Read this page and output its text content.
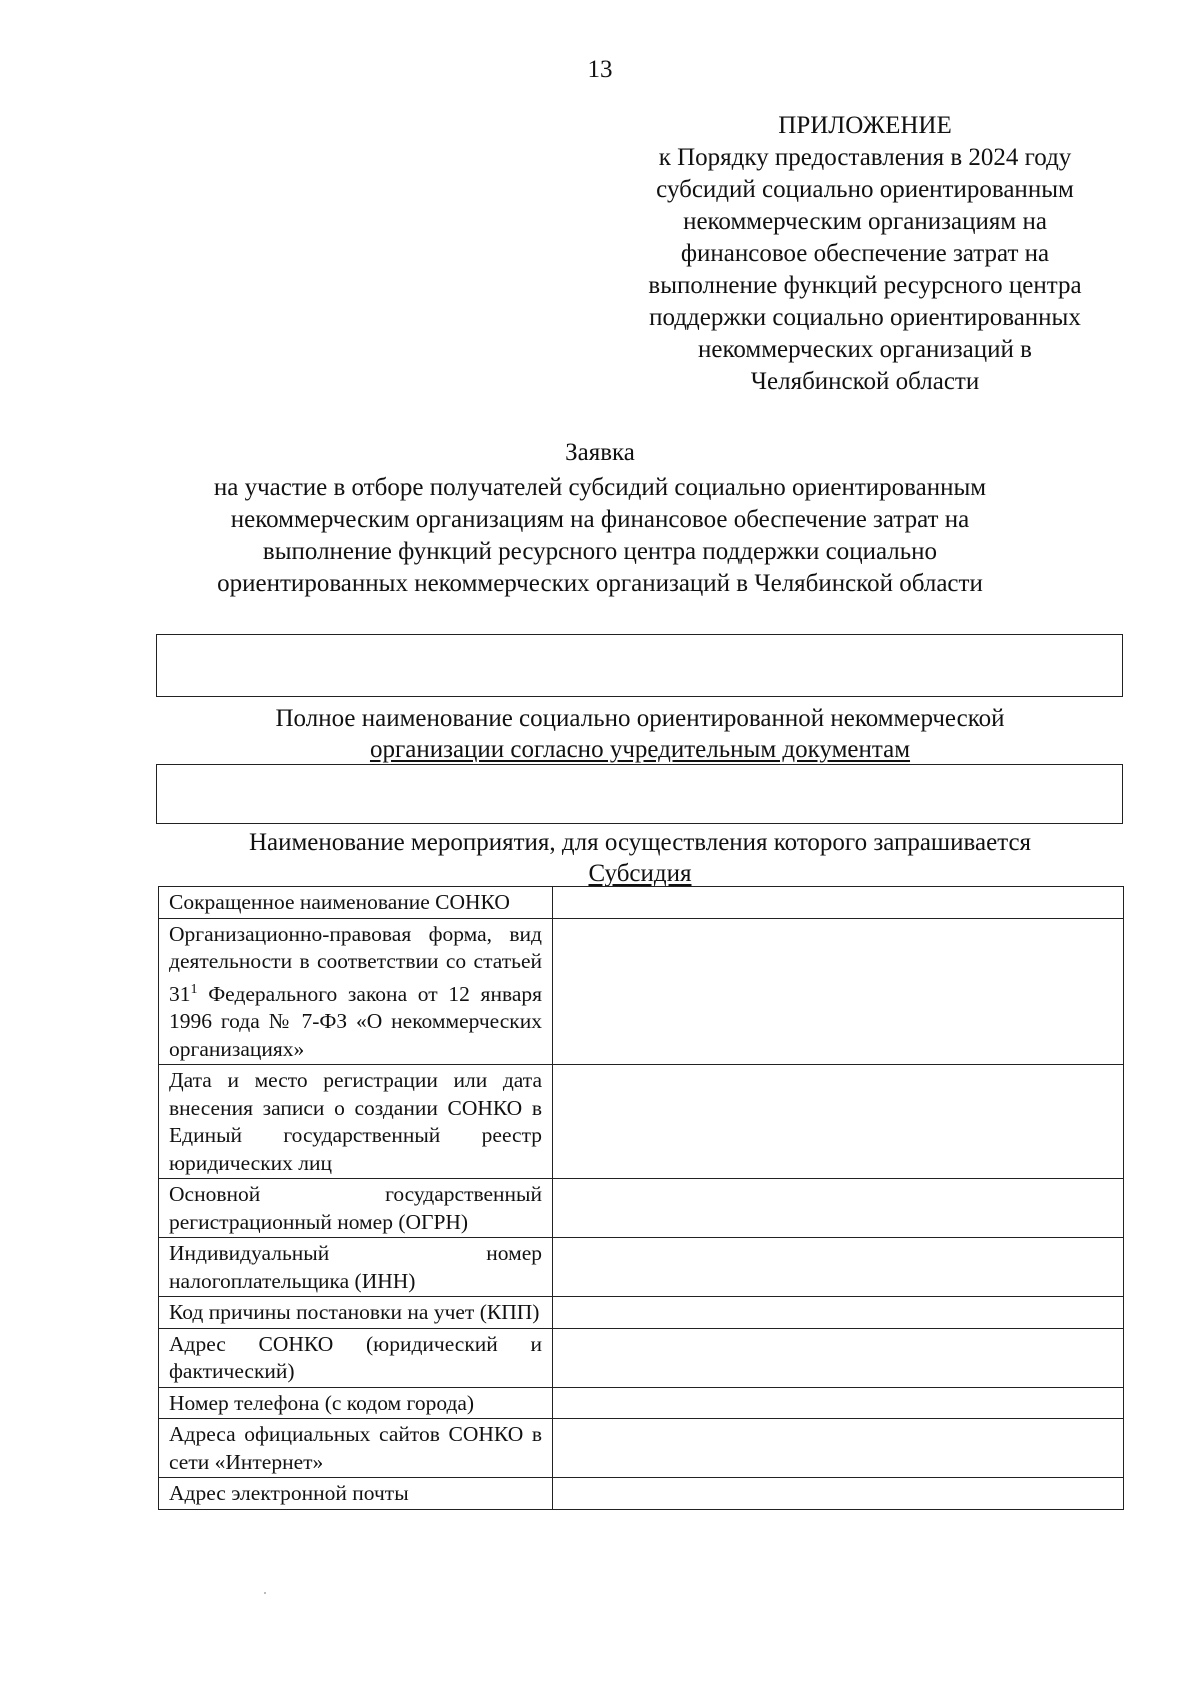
13
ПРИЛОЖЕНИЕ
к Порядку предоставления в 2024 году
субсидий социально ориентированным
некоммерческим организациям на
финансовое обеспечение затрат на
выполнение функций ресурсного центра
поддержки социально ориентированных
некоммерческих организаций в
Челябинской области
Заявка
на участие в отборе получателей субсидий социально ориентированным
некоммерческим организациям на финансовое обеспечение затрат на
выполнение функций ресурсного центра поддержки социально
ориентированных некоммерческих организаций в Челябинской области
Полное наименование социально ориентированной некоммерческой
организации согласно учредительным документам
Наименование мероприятия, для осуществления которого запрашивается
Субсидия
Сокращенное наименование СОНКО	
Организационно-правовая форма, вид деятельности в соответствии со статьей $31^1$ Федерального закона от 12 января 1996 года № 7-ФЗ «О некоммерческих организациях»	
Дата и место регистрации или дата внесения записи о создании СОНКО в Единый государственный реестр юридических лиц	
Основной государственный регистрационный номер (ОГРН)	
Индивидуальный номер налогоплательщика (ИНН)	
Код причины постановки на учет (КПП)	
Адрес СОНКО (юридический и фактический)	
Номер телефона (с кодом города)	
Адреса официальных сайтов СОНКО в сети «Интернет»	
Адрес электронной почты	
